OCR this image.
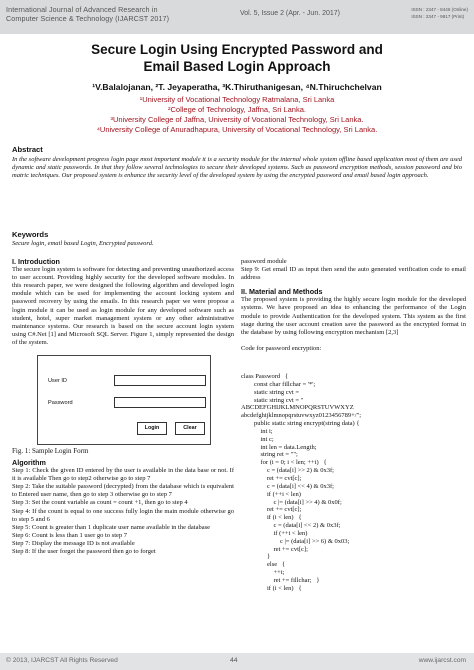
International Journal of Advanced Research in
Computer Science & Technology (IJARCST 2017)
Vol. 5, Issue 2 (Apr. - Jun. 2017)
ISSN : 2347 - 8446 (Online)
ISSN : 2347 - 9817 (Print)
Secure Login Using Encrypted Password and
Email Based Login Approach
¹V.Balalojanan, ²T. Jeyaperatha, ³K.Thiruthanigesan, ⁴N.Thiruchchelvan
¹University of Vocational Technology Ratmalana, Sri Lanka
²College of Technology, Jaffna, Sri Lanka.
³University College of Jaffna, University of Vocational Technology, Sri Lanka.
⁴University College of Anuradhapura, University of Vocational Technology, Sri Lanka.
Abstract
In the software development progress login page most important module it is a security module for the internal whole system offline based application most of them are used dynamic and static passwords. In that they follow several technologies to secure their developed systems. Such as password encryption methods, session password and bio matric techniques. Our proposed system is enhance the security level of the developed system by using the encrypted password and email based login approach.
Keywords
Secure login, email based Login, Encrypted password.

I. Introduction

The secure login system is software for detecting and preventing unauthorized access to user account. Providing highly security for the developed software modules. In this research paper, we were designed the following algorithm and developed login module which can be used for implementing the account locking system and password recovery by using the emails. In this research paper we were propose a login module it can be used as login module for any developed software such as student, hotel, super market management system or any other administrative maintenance systems. Our research is based on the secure account login system using C#.Net [1] and Microsoft SQL Server. Figure 1, simply represented the design of the system.

User ID
Password
Login	Clear
Fig. 1: Sample Login Form

Algorithm

Step 1: Check the given ID entered by the user is available in the data base or not. If it is available Then go to step2 otherwise go to step 7

Step 2: Take the suitable password (decrypted) from the database which is equivalent to Entered user name, then go to step 3 otherwise go to step 7

Step 3: Set the count variable as count = count +1, then go to step 4

Step 4: If the count is equal to one success fully login the main module otherwise go to step 5 and 6

Step 5: Count is greater than 1 duplicate user name available in the database

Step 6: Count is less than 1 user go to step 7

Step 7: Display the message ID is not available

Step 8: If the user forget the password then go to forget

password module

Step 9: Get email ID as input then send the auto generated verification code to email address

II. Material and Methods

The proposed system is providing the highly secure login module for the developed systems. We have proposed an idea to enhancing the performance of the Login module to provide Authentication for the developed system. This system as the first stage during the user account creation save the password as the encrypted format in the database by using following encryption mechanism [2,3]

Code for password encryption:

class Password   {
const char fillchar = '*';
static string cvt =
static string cvt = "
ABCDEFGHIJKLMNOPQRSTUVWXYZ
abcdefghijklmnopqrstuvwxyz0123456789+/";
public static string encrypt(string data) {
int i;
int c;
int len = data.Length;
string ret = "";
for (i = 0; i < len; ++i)   {
c = (data[i] >> 2) & 0x3f;
ret += cvt[c];
c = (data[i] << 4) & 0x3f;
if (++i < len)
c |= (data[i] >> 4) & 0x0f;
ret += cvt[c];
if (i < len)   {
c = (data[i] << 2) & 0x3f;
if (++i < len)
c |= (data[i] >> 6) & 0x03;
ret += cvt[c];
}
else   {
++i;
ret += fillchar;   }
if (i < len)   {
© 2013, IJARCST All Rights Reserved	44	www.ijarcst.com
